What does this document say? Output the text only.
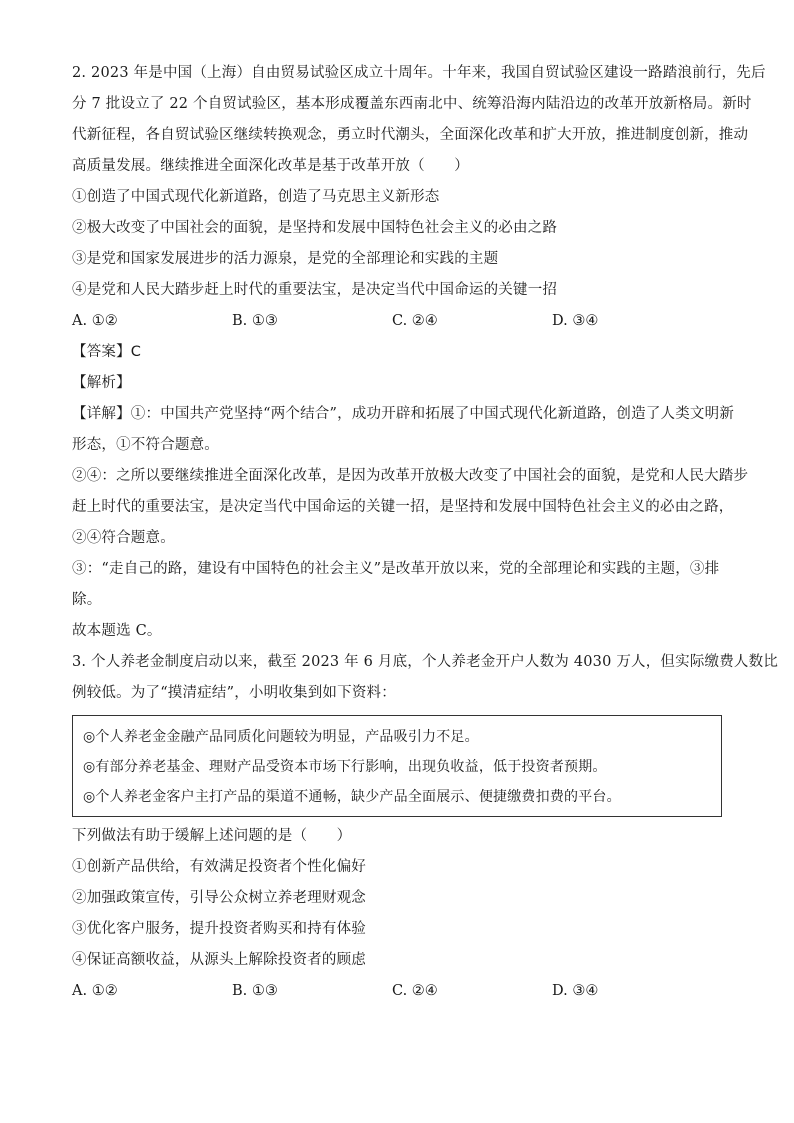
2. 2023 年是中国（上海）自由贸易试验区成立十周年。十年来，我国自贸试验区建设一路踏浪前行，先后
分 7 批设立了 22 个自贸试验区，基本形成覆盖东西南北中、统筹沿海内陆沿边的改革开放新格局。新时
代新征程，各自贸试验区继续转换观念，勇立时代潮头，全面深化改革和扩大开放，推进制度创新，推动
高质量发展。继续推进全面深化改革是基于改革开放（　　）
①创造了中国式现代化新道路，创造了马克思主义新形态
②极大改变了中国社会的面貌，是坚持和发展中国特色社会主义的必由之路
③是党和国家发展进步的活力源泉，是党的全部理论和实践的主题
④是党和人民大踏步赶上时代的重要法宝，是决定当代中国命运的关键一招
A. ①②	B. ①③	C. ②④	D. ③④
【答案】C
【解析】
【详解】①：中国共产党坚持“两个结合”，成功开辟和拓展了中国式现代化新道路，创造了人类文明新
形态，①不符合题意。
②④：之所以要继续推进全面深化改革，是因为改革开放极大改变了中国社会的面貌，是党和人民大踏步
赶上时代的重要法宝，是决定当代中国命运的关键一招，是坚持和发展中国特色社会主义的必由之路，
②④符合题意。
③：“走自己的路，建设有中国特色的社会主义”是改革开放以来，党的全部理论和实践的主题，③排
除。
故本题选 C。
3. 个人养老金制度启动以来，截至 2023 年 6 月底，个人养老金开户人数为 4030 万人，但实际缴费人数比
例较低。为了“摸清症结”，小明收集到如下资料：
◎个人养老金金融产品同质化问题较为明显，产品吸引力不足。
◎有部分养老基金、理财产品受资本市场下行影响，出现负收益，低于投资者预期。
◎个人养老金客户主打产品的渠道不通畅，缺少产品全面展示、便捷缴费扣费的平台。
下列做法有助于缓解上述问题的是（　　）
①创新产品供给，有效满足投资者个性化偏好
②加强政策宣传，引导公众树立养老理财观念
③优化客户服务，提升投资者购买和持有体验
④保证高额收益，从源头上解除投资者的顾虑
A. ①②	B. ①③	C. ②④	D. ③④
